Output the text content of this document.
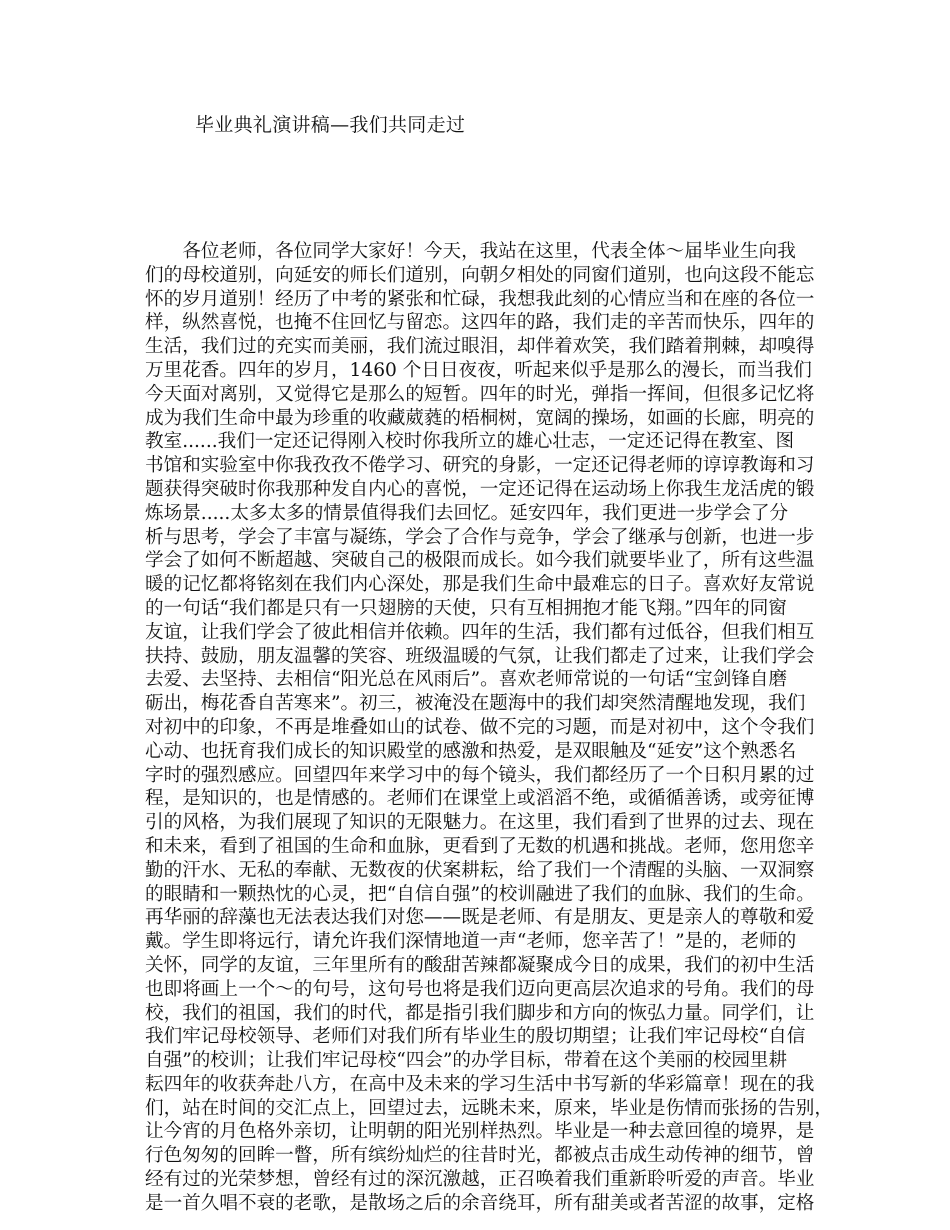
毕业典礼演讲稿—我们共同走过
　　各位老师，各位同学大家好！今天，我站在这里，代表全体～届毕业生向我
们的母校道别，向延安的师长们道别，向朝夕相处的同窗们道别，也向这段不能忘
怀的岁月道别！经历了中考的紧张和忙碌，我想我此刻的心情应当和在座的各位一
样，纵然喜悦，也掩不住回忆与留恋。这四年的路，我们走的辛苦而快乐，四年的
生活，我们过的充实而美丽，我们流过眼泪，却伴着欢笑，我们踏着荆棘，却嗅得
万里花香。四年的岁月，1460 个日日夜夜，听起来似乎是那么的漫长，而当我们
今天面对离别，又觉得它是那么的短暂。四年的时光，弹指一挥间，但很多记忆将
成为我们生命中最为珍重的收藏葳蕤的梧桐树，宽阔的操场，如画的长廊，明亮的
教室......我们一定还记得刚入校时你我所立的雄心壮志，一定还记得在教室、图
书馆和实验室中你我孜孜不倦学习、研究的身影，一定还记得老师的谆谆教诲和习
题获得突破时你我那种发自内心的喜悦，一定还记得在运动场上你我生龙活虎的锻
炼场景.....太多太多的情景值得我们去回忆。延安四年，我们更进一步学会了分
析与思考，学会了丰富与凝练，学会了合作与竞争，学会了继承与创新，也进一步
学会了如何不断超越、突破自己的极限而成长。如今我们就要毕业了，所有这些温
暖的记忆都将铭刻在我们内心深处，那是我们生命中最难忘的日子。喜欢好友常说
的一句话“我们都是只有一只翅膀的天使，只有互相拥抱才能飞翔。”四年的同窗
友谊，让我们学会了彼此相信并依赖。四年的生活，我们都有过低谷，但我们相互
扶持、鼓励，朋友温馨的笑容、班级温暖的气氛，让我们都走了过来，让我们学会
去爱、去坚持、去相信“阳光总在风雨后”。喜欢老师常说的一句话“宝剑锋自磨
砺出，梅花香自苦寒来”。初三，被淹没在题海中的我们却突然清醒地发现，我们
对初中的印象，不再是堆叠如山的试卷、做不完的习题，而是对初中，这个令我们
心动、也抚育我们成长的知识殿堂的感激和热爱，是双眼触及“延安”这个熟悉名
字时的强烈感应。回望四年来学习中的每个镜头，我们都经历了一个日积月累的过
程，是知识的，也是情感的。老师们在课堂上或滔滔不绝，或循循善诱，或旁征博
引的风格，为我们展现了知识的无限魅力。在这里，我们看到了世界的过去、现在
和未来，看到了祖国的生命和血脉，更看到了无数的机遇和挑战。老师，您用您辛
勤的汗水、无私的奉献、无数夜的伏案耕耘，给了我们一个清醒的头脑、一双洞察
的眼睛和一颗热忱的心灵，把“自信自强”的校训融进了我们的血脉、我们的生命。
再华丽的辞藻也无法表达我们对您——既是老师、有是朋友、更是亲人的尊敬和爱
戴。学生即将远行，请允许我们深情地道一声“老师，您辛苦了！”是的，老师的
关怀，同学的友谊，三年里所有的酸甜苦辣都凝聚成今日的成果，我们的初中生活
也即将画上一个～的句号，这句号也将是我们迈向更高层次追求的号角。我们的母
校，我们的祖国，我们的时代，都是指引我们脚步和方向的恢弘力量。同学们，让
我们牢记母校领导、老师们对我们所有毕业生的殷切期望；让我们牢记母校“自信
自强”的校训；让我们牢记母校“四会”的办学目标，带着在这个美丽的校园里耕
耘四年的收获奔赴八方，在高中及未来的学习生活中书写新的华彩篇章！现在的我
们，站在时间的交汇点上，回望过去，远眺未来，原来，毕业是伤情而张扬的告别，
让今宵的月色格外亲切，让明朝的阳光别样热烈。毕业是一种去意回徨的境界，是
行色匆匆的回眸一瞥，所有缤纷灿烂的往昔时光，都被点击成生动传神的细节，曾
经有过的光荣梦想，曾经有过的深沉激越，正召唤着我们重新聆听爱的声音。毕业
是一首久唱不衰的老歌，是散场之后的余音绕耳，所有甜美或者苦涩的故事，定格
